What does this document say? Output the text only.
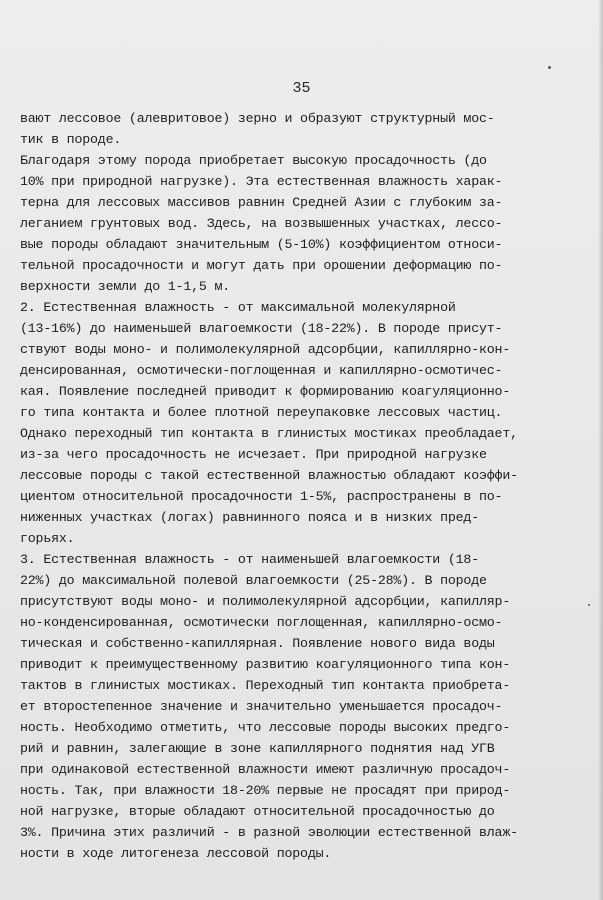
35
вают лессовое (алевритовое) зерно и образуют структурный мос-
тик в породе.
Благодаря этому порода приобретает высокую просадочность (до
10% при природной нагрузке). Эта естественная влажность харак-
терна для лессовых массивов равнин Средней Азии с глубоким за-
леганием грунтовых вод. Здесь, на возвышенных участках, лессо-
вые породы обладают значительным (5-10%) коэффициентом относи-
тельной просадочности и могут дать при орошении деформацию по-
верхности земли до 1-1,5 м.
2. Естественная влажность - от максимальной молекулярной
(13-16%) до наименьшей влагоемкости (18-22%). В породе присут-
ствуют воды моно- и полимолекулярной адсорбции, капиллярно-кон-
денсированная, осмотически-поглощенная и капиллярно-осмотичес-
кая. Появление последней приводит к формированию коагуляционно-
го типа контакта и более плотной переупаковке лессовых частиц.
Однако переходный тип контакта в глинистых мостиках преобладает,
из-за чего просадочность не исчезает. При природной нагрузке
лессовые породы с такой естественной влажностью обладают коэффи-
циентом относительной просадочности 1-5%, распространены в по-
ниженных участках (логах) равнинного пояса и в низких пред-
горьях.
3. Естественная влажность - от наименьшей влагоемкости (18-
22%) до максимальной полевой влагоемкости (25-28%). В породе
присутствуют воды моно- и полимолекулярной адсорбции, капилляр-
но-конденсированная, осмотически поглощенная, капиллярно-осмо-
тическая и собственно-капиллярная. Появление нового вида воды
приводит к преимущественному развитию коагуляционного типа кон-
тактов в глинистых мостиках. Переходный тип контакта приобрета-
ет второстепенное значение и значительно уменьшается просадоч-
ность. Необходимо отметить, что лессовые породы высоких предго-
рий и равнин, залегающие в зоне капиллярного поднятия над УГВ
при одинаковой естественной влажности имеют различную просадоч-
ность. Так, при влажности 18-20% первые не просадят при природ-
ной нагрузке, вторые обладают относительной просадочностью до
3%. Причина этих различий - в разной эволюции естественной влаж-
ности в ходе литогенеза лессовой породы.
